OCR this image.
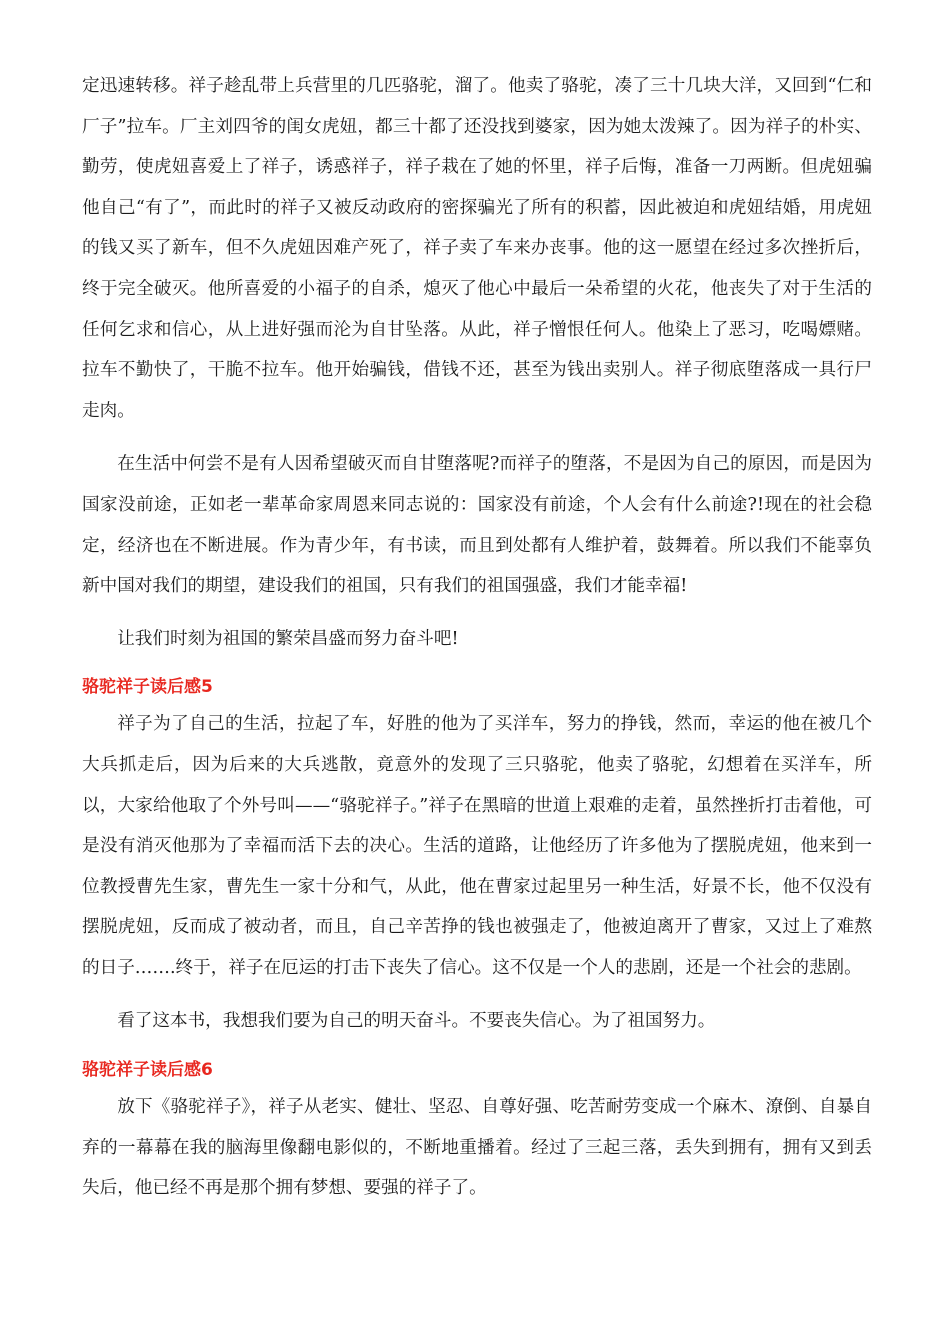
定迅速转移。祥子趁乱带上兵营里的几匹骆驼，溜了。他卖了骆驼，凑了三十几块大洋，又回到“仁和厂子”拉车。厂主刘四爷的闺女虎妞，都三十都了还没找到婆家，因为她太泼辣了。因为祥子的朴实、勤劳，使虎妞喜爱上了祥子，诱惑祥子，祥子栽在了她的怀里，祥子后悔，准备一刀两断。但虎妞骗他自己“有了”，而此时的祥子又被反动政府的密探骗光了所有的积蓄，因此被迫和虎妞结婚，用虎妞的钱又买了新车，但不久虎妞因难产死了，祥子卖了车来办丧事。他的这一愿望在经过多次挫折后，终于完全破灭。他所喜爱的小福子的自杀，熄灭了他心中最后一朵希望的火花，他丧失了对于生活的任何乞求和信心，从上进好强而沦为自甘坠落。从此，祥子憎恨任何人。他染上了恶习，吃喝嫖赌。拉车不勤快了，干脆不拉车。他开始骗钱，借钱不还，甚至为钱出卖别人。祥子彻底堕落成一具行尸走肉。

在生活中何尝不是有人因希望破灭而自甘堕落呢?而祥子的堕落，不是因为自己的原因，而是因为国家没前途，正如老一辈革命家周恩来同志说的：国家没有前途，个人会有什么前途?!现在的社会稳定，经济也在不断进展。作为青少年，有书读，而且到处都有人维护着，鼓舞着。所以我们不能辜负新中国对我们的期望，建设我们的祖国，只有我们的祖国强盛，我们才能幸福!

让我们时刻为祖国的繁荣昌盛而努力奋斗吧!

骆驼祥子读后感5

祥子为了自己的生活，拉起了车，好胜的他为了买洋车，努力的挣钱，然而，幸运的他在被几个大兵抓走后，因为后来的大兵逃散，竟意外的发现了三只骆驼，他卖了骆驼，幻想着在买洋车，所以，大家给他取了个外号叫——“骆驼祥子。”祥子在黑暗的世道上艰难的走着，虽然挫折打击着他，可是没有消灭他那为了幸福而活下去的决心。生活的道路，让他经历了许多他为了摆脱虎妞，他来到一位教授曹先生家，曹先生一家十分和气，从此，他在曹家过起里另一种生活，好景不长，他不仅没有摆脱虎妞，反而成了被动者，而且，自己辛苦挣的钱也被强走了，他被迫离开了曹家，又过上了难熬的日子…….终于，祥子在厄运的打击下丧失了信心。这不仅是一个人的悲剧，还是一个社会的悲剧。

看了这本书，我想我们要为自己的明天奋斗。不要丧失信心。为了祖国努力。

骆驼祥子读后感6

放下《骆驼祥子》，祥子从老实、健壮、坚忍、自尊好强、吃苦耐劳变成一个麻木、潦倒、自暴自弃的一幕幕在我的脑海里像翻电影似的，不断地重播着。经过了三起三落，丢失到拥有，拥有又到丢失后，他已经不再是那个拥有梦想、要强的祥子了。
